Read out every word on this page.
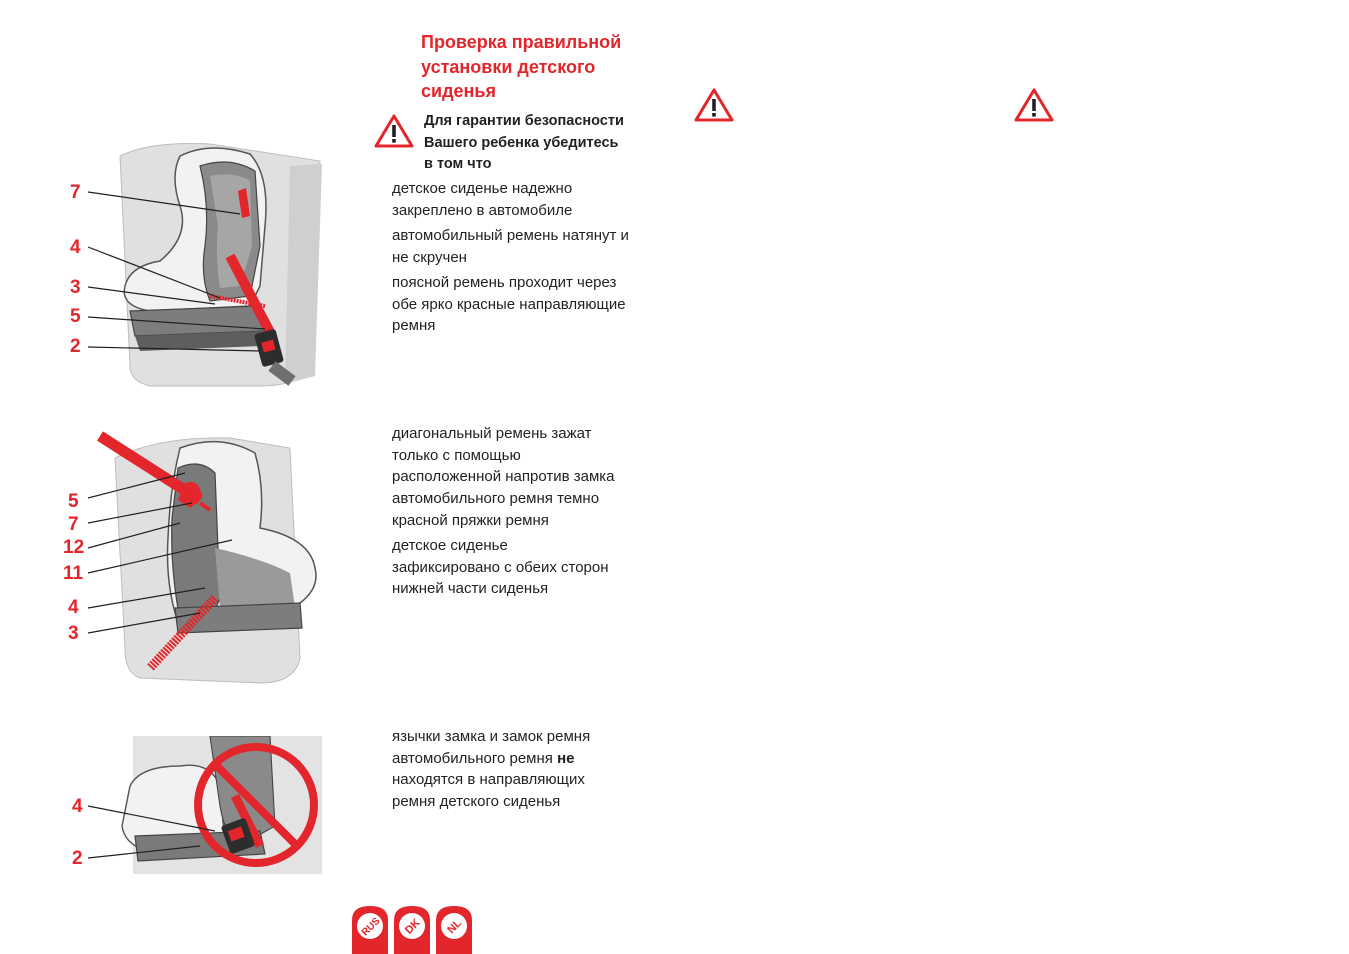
Проверка правильной
установки детского
сиденья
Для гарантии безопасности
Вашего ребенка убедитесь
в том что
детское сиденье надежно
закреплено в автомобиле
автомобильный ремень натянут и
не скручен
поясной ремень проходит через
обе ярко красные направляющие
ремня
диагональный ремень зажат
только с помощью
расположенной напротив замка
автомобильного ремня темно
красной пряжки ремня
детское сиденье
зафиксировано с обеих сторон
нижней части сиденья
язычки замка и замок ремня
автомобильного ремня не
находятся в направляющих
ремня детского сиденья
7
4
3
5
2
5
7
12
11
4
3
4
2
RUS DK NL
